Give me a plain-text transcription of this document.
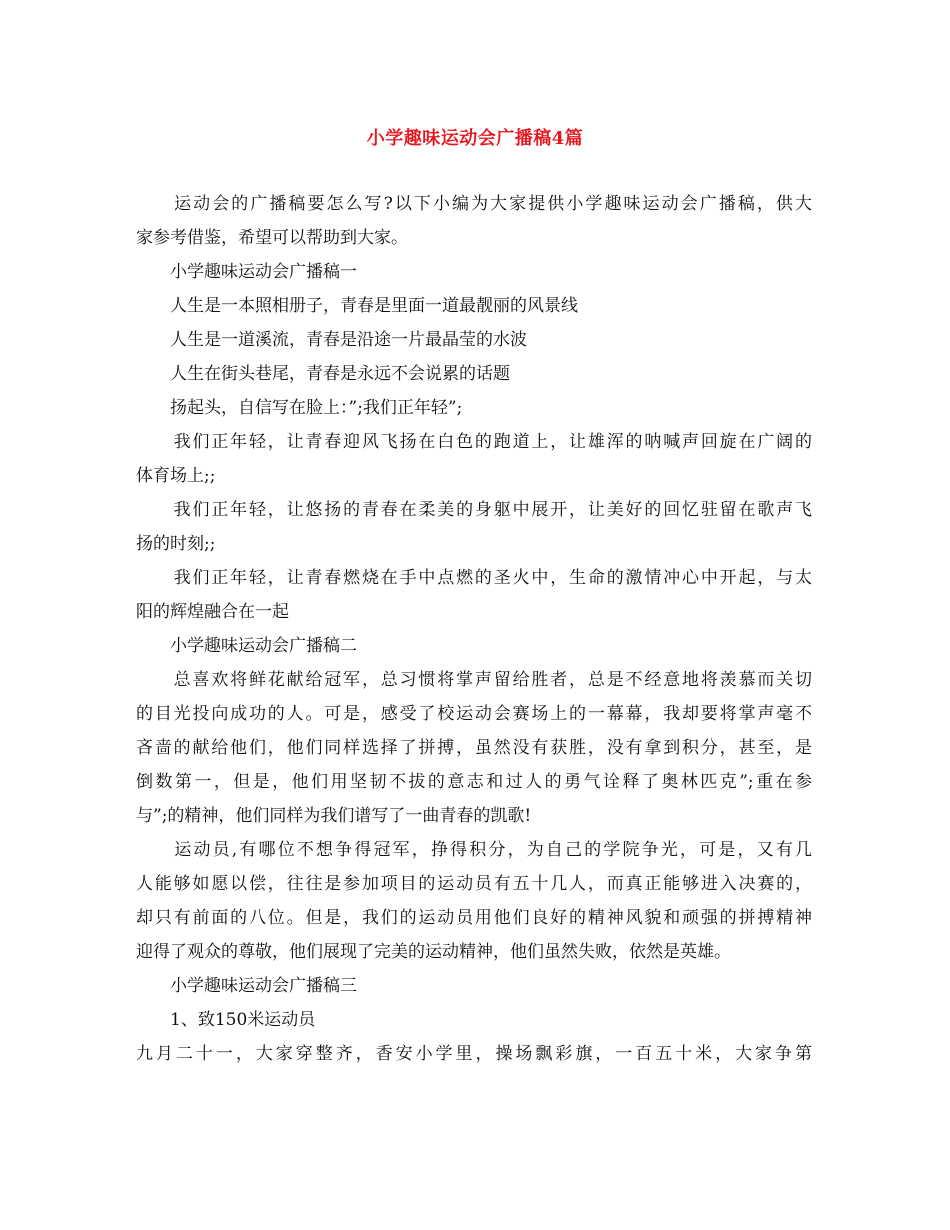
小学趣味运动会广播稿4篇
　　运动会的广播稿要怎么写?以下小编为大家提供小学趣味运动会广播稿，供大
家参考借鉴，希望可以帮助到大家。
　　小学趣味运动会广播稿一
　　人生是一本照相册子，青春是里面一道最靓丽的风景线
　　人生是一道溪流，青春是沿途一片最晶莹的水波
　　人生在街头巷尾，青春是永远不会说累的话题
　　扬起头，自信写在脸上：”;我们正年轻”;
　　我们正年轻，让青春迎风飞扬在白色的跑道上，让雄浑的呐喊声回旋在广阔的
体育场上;;
　　我们正年轻，让悠扬的青春在柔美的身躯中展开，让美好的回忆驻留在歌声飞
扬的时刻;;
　　我们正年轻，让青春燃烧在手中点燃的圣火中，生命的激情冲心中开起，与太
阳的辉煌融合在一起
　　小学趣味运动会广播稿二
　　总喜欢将鲜花献给冠军，总习惯将掌声留给胜者，总是不经意地将羡慕而关切
的目光投向成功的人。可是，感受了校运动会赛场上的一幕幕，我却要将掌声毫不
吝啬的献给他们，他们同样选择了拼搏，虽然没有获胜，没有拿到积分，甚至，是
倒数第一，但是，他们用坚韧不拔的意志和过人的勇气诠释了奥林匹克”;重在参
与”;的精神，他们同样为我们谱写了一曲青春的凯歌!
　　运动员,有哪位不想争得冠军，挣得积分，为自己的学院争光，可是，又有几
人能够如愿以偿，往往是参加项目的运动员有五十几人，而真正能够进入决赛的，
却只有前面的八位。但是，我们的运动员用他们良好的精神风貌和顽强的拼搏精神
迎得了观众的尊敬，他们展现了完美的运动精神，他们虽然失败，依然是英雄。
　　小学趣味运动会广播稿三
　　1、致150米运动员
九月二十一，大家穿整齐，香安小学里，操场飘彩旗，一百五十米，大家争第
